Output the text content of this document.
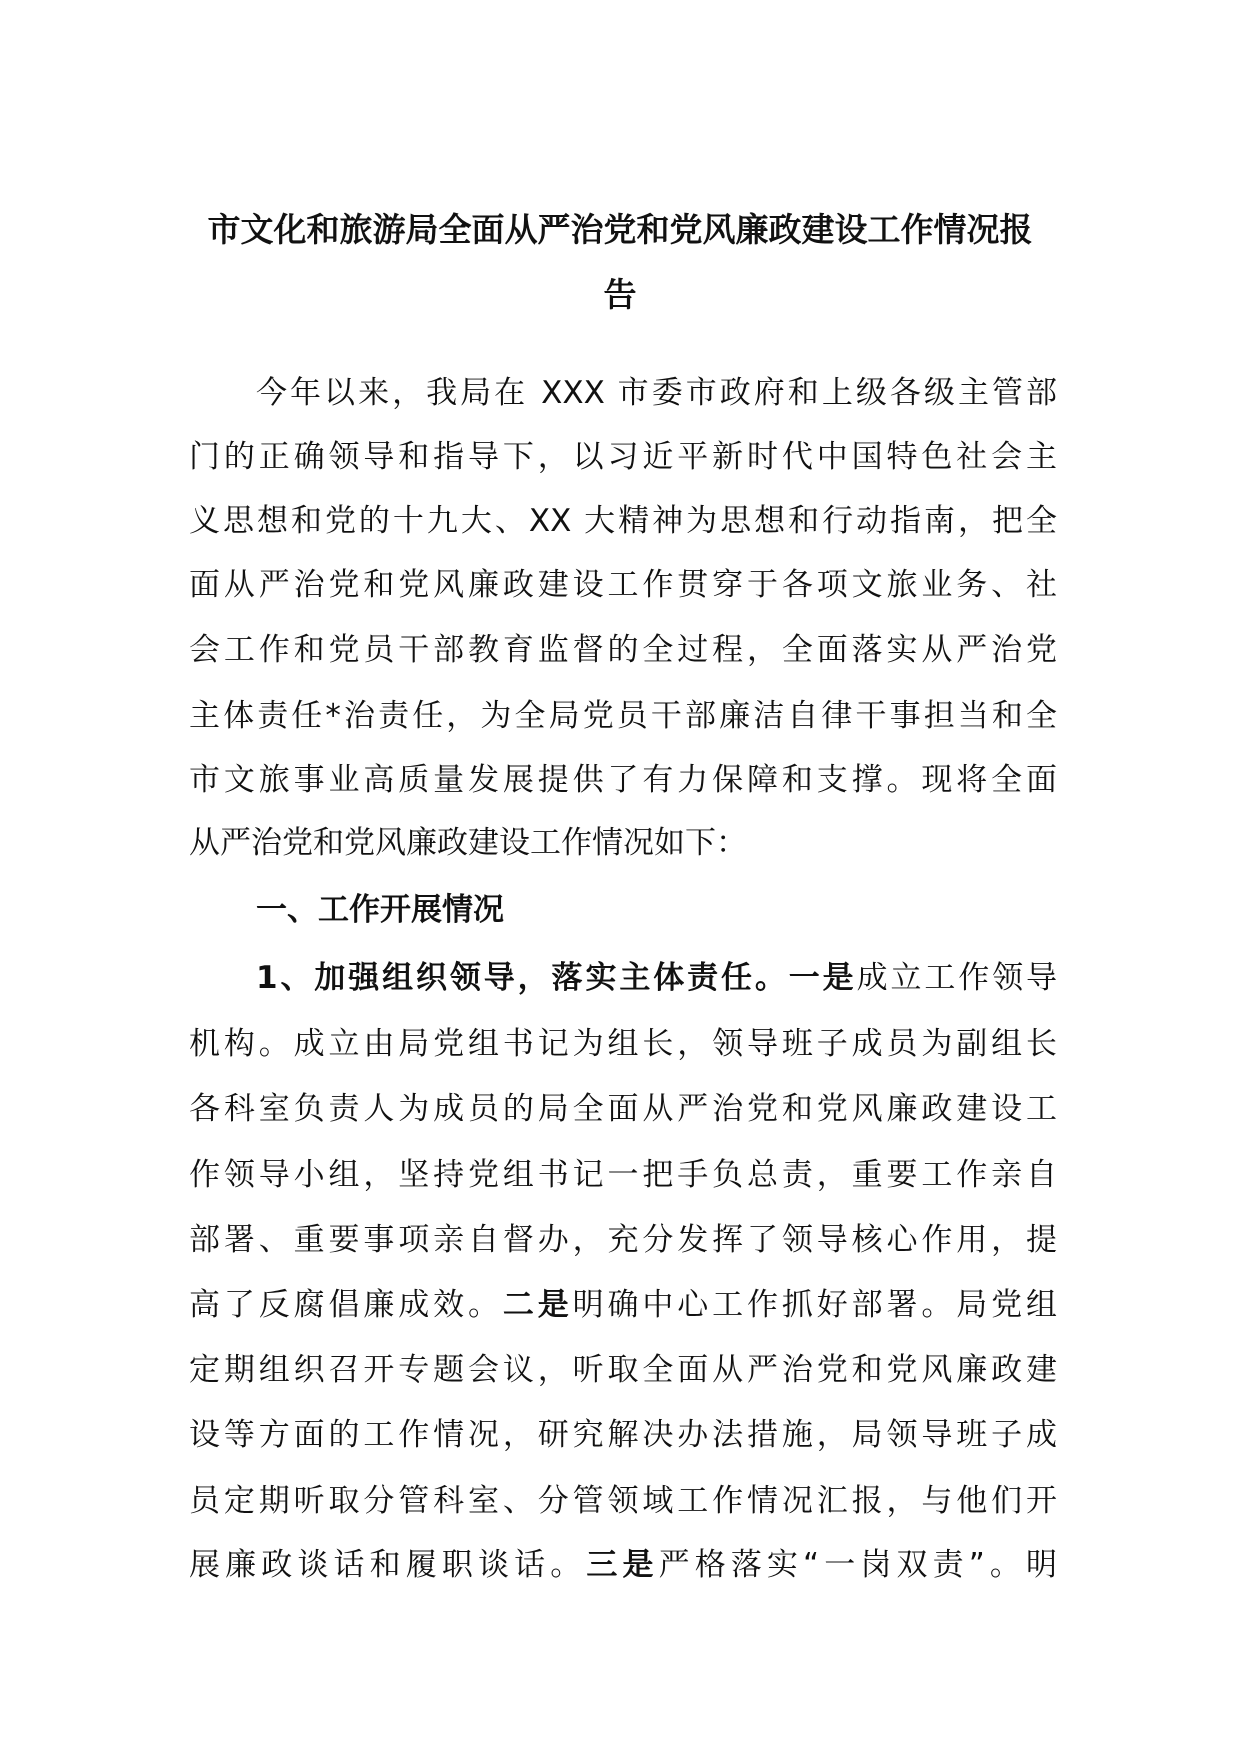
市文化和旅游局全面从严治党和党风廉政建设工作情况报
告
今年以来，我局在 XXX 市委市政府和上级各级主管部
门的正确领导和指导下，以习近平新时代中国特色社会主
义思想和党的十九大、XX 大精神为思想和行动指南，把全
面从严治党和党风廉政建设工作贯穿于各项文旅业务、社
会工作和党员干部教育监督的全过程，全面落实从严治党
主体责任*治责任，为全局党员干部廉洁自律干事担当和全
市文旅事业高质量发展提供了有力保障和支撑。现将全面
从严治党和党风廉政建设工作情况如下：
一、工作开展情况
1、加强组织领导，落实主体责任。一是成立工作领导
机构。成立由局党组书记为组长，领导班子成员为副组长
各科室负责人为成员的局全面从严治党和党风廉政建设工
作领导小组，坚持党组书记一把手负总责，重要工作亲自
部署、重要事项亲自督办，充分发挥了领导核心作用，提
高了反腐倡廉成效。二是明确中心工作抓好部署。局党组
定期组织召开专题会议，听取全面从严治党和党风廉政建
设等方面的工作情况，研究解决办法措施，局领导班子成
员定期听取分管科室、分管领域工作情况汇报，与他们开
展廉政谈话和履职谈话。三是严格落实“一岗双责”。明
